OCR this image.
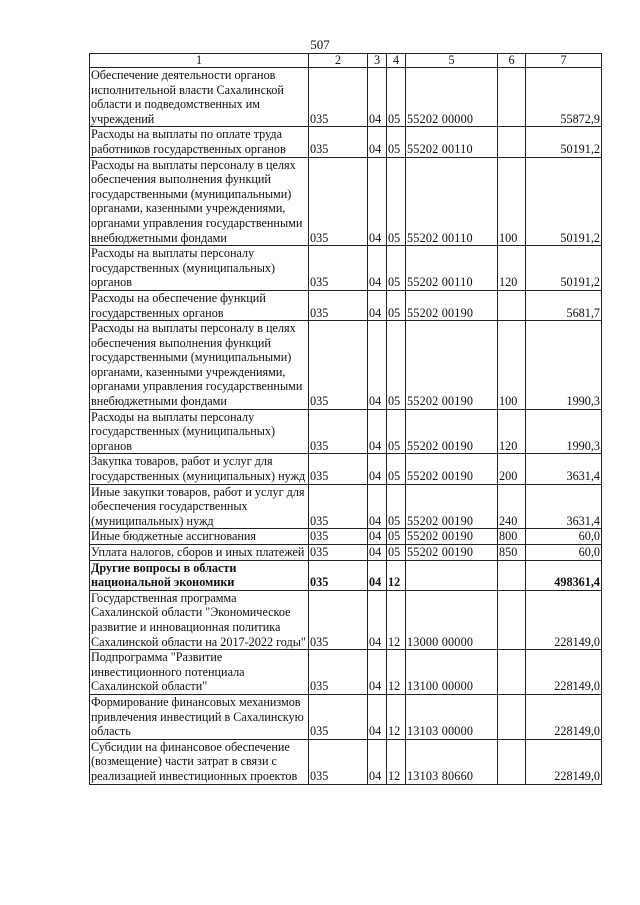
507
1	2	3	4	5	6	7
Обеспечение деятельности органов исполнительной власти Сахалинской области и подведомственных им учреждений	035	04	05	55202 00000		55872,9
Расходы на выплаты по оплате труда работников государственных органов	035	04	05	55202 00110		50191,2
Расходы на выплаты персоналу в целях обеспечения выполнения функций государственными (муниципальными) органами, казенными учреждениями, органами управления государственными внебюджетными фондами	035	04	05	55202 00110	100	50191,2
Расходы на выплаты персоналу государственных (муниципальных) органов	035	04	05	55202 00110	120	50191,2
Расходы на обеспечение функций государственных органов	035	04	05	55202 00190		5681,7
Расходы на выплаты персоналу в целях обеспечения выполнения функций государственными (муниципальными) органами, казенными учреждениями, органами управления государственными внебюджетными фондами	035	04	05	55202 00190	100	1990,3
Расходы на выплаты персоналу государственных (муниципальных) органов	035	04	05	55202 00190	120	1990,3
Закупка товаров, работ и услуг для государственных (муниципальных) нужд	035	04	05	55202 00190	200	3631,4
Иные закупки товаров, работ и услуг для обеспечения государственных (муниципальных) нужд	035	04	05	55202 00190	240	3631,4
Иные бюджетные ассигнования	035	04	05	55202 00190	800	60,0
Уплата налогов, сборов и иных платежей	035	04	05	55202 00190	850	60,0
Другие вопросы в области национальной экономики	035	04	12			498361,4
Государственная программа Сахалинской области "Экономическое развитие и инновационная политика Сахалинской области на 2017-2022 годы"	035	04	12	13000 00000		228149,0
Подпрограмма "Развитие инвестиционного потенциала Сахалинской области"	035	04	12	13100 00000		228149,0
Формирование финансовых механизмов привлечения инвестиций в Сахалинскую область	035	04	12	13103 00000		228149,0
Субсидии на финансовое обеспечение (возмещение) части затрат в связи с реализацией инвестиционных проектов	035	04	12	13103 80660		228149,0
